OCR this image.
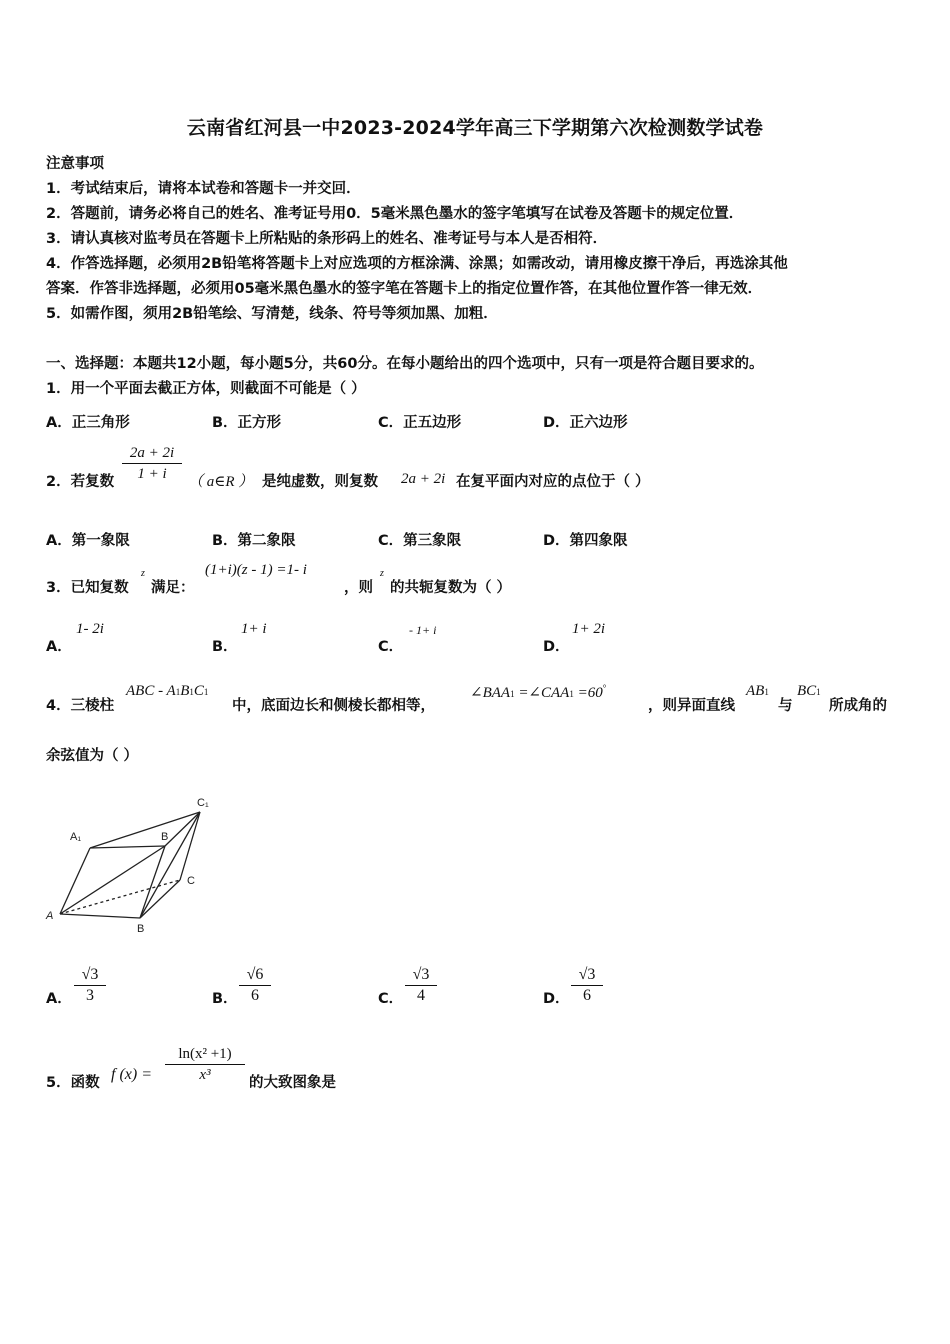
云南省红河县一中2023-2024学年高三下学期第六次检测数学试卷
注意事项
1．考试结束后，请将本试卷和答题卡一并交回．
2．答题前，请务必将自己的姓名、准考证号用0．5毫米黑色墨水的签字笔填写在试卷及答题卡的规定位置．
3．请认真核对监考员在答题卡上所粘贴的条形码上的姓名、准考证号与本人是否相符．
4．作答选择题，必须用2B铅笔将答题卡上对应选项的方框涂满、涂黑；如需改动，请用橡皮擦干净后，再选涂其他
答案．作答非选择题，必须用05毫米黑色墨水的签字笔在答题卡上的指定位置作答，在其他位置作答一律无效．
5．如需作图，须用2B铅笔绘、写清楚，线条、符号等须加黑、加粗．
一、选择题：本题共12小题，每小题5分，共60分。在每小题给出的四个选项中，只有一项是符合题目要求的。
1．用一个平面去截正方体，则截面不可能是（ ）
A．正三角形	B．正方形	C．正五边形	D．正六边形
2．若复数
2a + 2i
1 + i	（ a∈R ） 是纯虚数，则复数 2a + 2i 在复平面内对应的点位于（ ）
A．第一象限	B．第二象限	C．第三象限	D．第四象限
3．已知复数
z
满足：
(1+i)(z - 1) =1- i
，则
z
的共轭复数为（ ）
A．
1- 2i
B．
1+ i
C．
- 1+ i
D．
1+ 2i
4．三棱柱
ABC - A1B1C1
中，底面边长和侧棱长都相等，
∠BAA1 =∠CAA1 =60°
，则异面直线
AB1
与
BC1
所成角的
余弦值为（ ）
A₁	B
C₁
C
A
B
A．
√3
3	B．
√6
6	C．
√3
4	D．
√3
6
5．函数 f (x) =
ln(x² +1)
x³	的大致图象是
